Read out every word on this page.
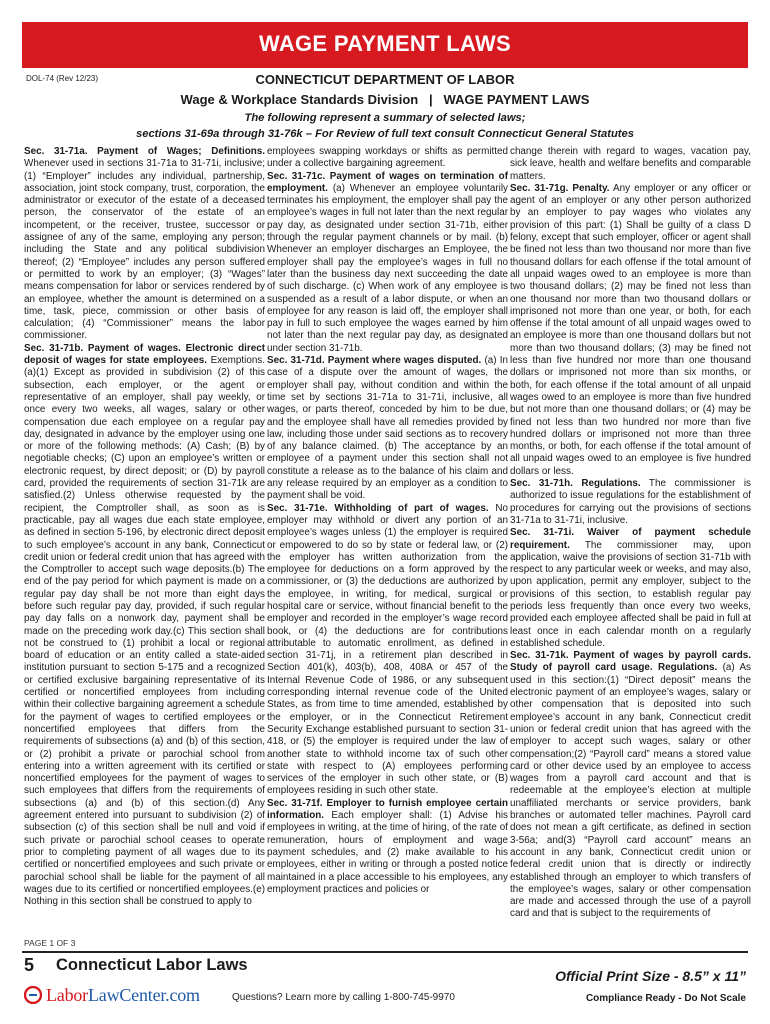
WAGE PAYMENT LAWS
DOL-74 (Rev 12/23)	CONNECTICUT DEPARTMENT OF LABOR
Wage & Workplace Standards Division   |   WAGE PAYMENT LAWS
The following represent a summary of selected laws;
sections 31-69a through 31-76k – For Review of full text consult Connecticut General Statutes

Sec. 31-71a. Payment of Wages; Definitions. Whenever used in sections 31-71a to 31-71i, inclusive; (1) “Employer” includes any individual, partnership, association, joint stock company, trust, corporation, the administrator or executor of the estate of a deceased person, the conservator of the estate of an incompetent, or the receiver, trustee, successor or assignee of any of the same, employing any person; including the State and any political subdivision thereof; (2) “Employee” includes any person suffered or permitted to work by an employer; (3) “Wages” means compensation for labor or services rendered by an employee, whether the amount is determined on a time, task, piece, commission or other basis of calculation; (4) “Commissioner” means the labor commissioner.

Sec. 31-71b. Payment of wages. Electronic direct deposit of wages for state employees. Exemptions. (a)(1) Except as provided in subdivision (2) of this subsection, each employer, or the agent or representative of an employer, shall pay weekly, or once every two weeks, all wages, salary or other compensation due each employee on a regular pay day, designated in advance by the employer using one or more of the following methods: (A) Cash; (B) by negotiable checks; (C) upon an employee’s written or electronic request, by direct deposit; or (D) by payroll card, provided the requirements of section 31-71k are satisfied.(2) Unless otherwise requested by the recipient, the Comptroller shall, as soon as is practicable, pay all wages due each state employee, as defined in section 5-196, by electronic direct deposit to such employee’s account in any bank, Connecticut credit union or federal credit union that has agreed with the Comptroller to accept such wage deposits.(b) The end of the pay period for which payment is made on a regular pay day shall be not more than eight days before such regular pay day, provided, if such regular pay day falls on a nonwork day, payment shall be made on the preceding work day.(c) This section shall not be construed to (1) prohibit a local or regional board of education or an entity called a state-aided institution pursuant to section 5-175 and a recognized or certified exclusive bargaining representative of its certified or noncertified employees from including within their collective bargaining agreement a schedule for the payment of wages to certified employees or noncertified employees that differs from the requirements of subsections (a) and (b) of this section, or (2) prohibit a private or parochial school from entering into a written agreement with its certified or noncertified employees for the payment of wages to such employees that differs from the requirements of subsections (a) and (b) of this section.(d) Any agreement entered into pursuant to subdivision (2) of subsection (c) of this section shall be null and void if such private or parochial school ceases to operate prior to completing payment of all wages due to its certified or noncertified employees and such private or parochial school shall be liable for the payment of all wages due to its certified or noncertified employees.(e) Nothing in this section shall be construed to apply to

employees swapping workdays or shifts as permitted under a collective bargaining agreement.

Sec. 31-71c. Payment of wages on termination of employment. (a) Whenever an employee voluntarily terminates his employment, the employer shall pay the employee’s wages in full not later than the next regular pay day, as designated under section 31-71b, either through the regular payment channels or by mail. (b) Whenever an employer discharges an Employee, the employer shall pay the employee’s wages in full no later than the business day next succeeding the date of such discharge. (c) When work of any employee is suspended as a result of a labor dispute, or when an employee for any reason is laid off, the employer shall pay in full to such employee the wages earned by him not later than the next regular pay day, as designated under section 31-71b.

Sec. 31-71d. Payment where wages disputed. (a) In case of a dispute over the amount of wages, the employer shall pay, without condition and within the time set by sections 31-71a to 31-71i, inclusive, all wages, or parts thereof, conceded by him to be due, and the employee shall have all remedies provided by law, including those under said sections as to recovery of any balance claimed. (b) The acceptance by an employee of a payment under this section shall not constitute a release as to the balance of his claim and any release required by an employer as a condition to payment shall be void.

Sec. 31-71e. Withholding of part of wages. No employer may withhold or divert any portion of an employee’s wages unless (1) the employer is required or empowered to do so by state or federal law, or (2) the employer has written authorization from the employee for deductions on a form approved by the commissioner, or (3) the deductions are authorized by the employee, in writing, for medical, surgical or hospital care or service, without financial benefit to the employer and recorded in the employer’s wage record book, or (4) the deductions are for contributions attributable to automatic enrollment, as defined in section 31-71j, in a retirement plan described in Section 401(k), 403(b), 408, 408A or 457 of the Internal Revenue Code of 1986, or any subsequent corresponding internal revenue code of the United States, as from time to time amended, established by the employer, or in the Connecticut Retirement Security Exchange established pursuant to section 31-418, or (5) the employer is required under the law of another state to withhold income tax of such other state with respect to (A) employees performing services of the employer in such other state, or (B) employees residing in such other state.

Sec. 31-71f. Employer to furnish employee certain information. Each employer shall: (1) Advise his employees in writing, at the time of hiring, of the rate of remuneration, hours of employment and wage payment schedules, and (2) make available to his employees, either in writing or through a posted notice maintained in a place accessible to his employees, any employment practices and policies or

change therein with regard to wages, vacation pay, sick leave, health and welfare benefits and comparable matters.

Sec. 31-71g. Penalty. Any employer or any officer or agent of an employer or any other person authorized by an employer to pay wages who violates any provision of this part: (1) Shall be guilty of a class D felony, except that such employer, officer or agent shall be fined not less than two thousand nor more than five thousand dollars for each offense if the total amount of all unpaid wages owed to an employee is more than two thousand dollars; (2) may be fined not less than one thousand nor more than two thousand dollars or imprisoned not more than one year, or both, for each offense if the total amount of all unpaid wages owed to an employee is more than one thousand dollars but not more than two thousand dollars; (3) may be fined not less than five hundred nor more than one thousand dollars or imprisoned not more than six months, or both, for each offense if the total amount of all unpaid wages owed to an employee is more than five hundred but not more than one thousand dollars; or (4) may be fined not less than two hundred nor more than five hundred dollars or imprisoned not more than three months, or both, for each offense if the total amount of all unpaid wages owed to an employee is five hundred dollars or less.

Sec. 31-71h. Regulations. The commissioner is authorized to issue regulations for the establishment of procedures for carrying out the provisions of sections 31-71a to 31-71i, inclusive.

Sec. 31-71i. Waiver of payment schedule requirement. The commissioner may, upon application, waive the provisions of section 31-71b with respect to any particular week or weeks, and may also, upon application, permit any employer, subject to the provisions of this section, to establish regular pay periods less frequently than once every two weeks, provided each employee affected shall be paid in full at least once in each calendar month on a regularly established schedule.

Sec. 31-71k. Payment of wages by payroll cards. Study of payroll card usage. Regulations. (a) As used in this section:(1) “Direct deposit” means the electronic payment of an employee’s wages, salary or other compensation that is deposited into such employee’s account in any bank, Connecticut credit union or federal credit union that has agreed with the employer to accept such wages, salary or other compensation;(2) “Payroll card” means a stored value card or other device used by an employee to access wages from a payroll card account and that is redeemable at the employee’s election at multiple unaffiliated merchants or service providers, bank branches or automated teller machines. Payroll card does not mean a gift certificate, as defined in section 3-56a; and(3) “Payroll card account” means an account in any bank, Connecticut credit union or federal credit union that is directly or indirectly established through an employer to which transfers of the employee’s wages, salary or other compensation are made and accessed through the use of a payroll card and that is subject to the requirements of

PAGE 1 OF 3
5 Connecticut Labor Laws
LaborLawCenter.com	Questions? Learn more by calling 1-800-745-9970
Official Print Size - 8.5” x 11”
Compliance Ready - Do Not Scale
